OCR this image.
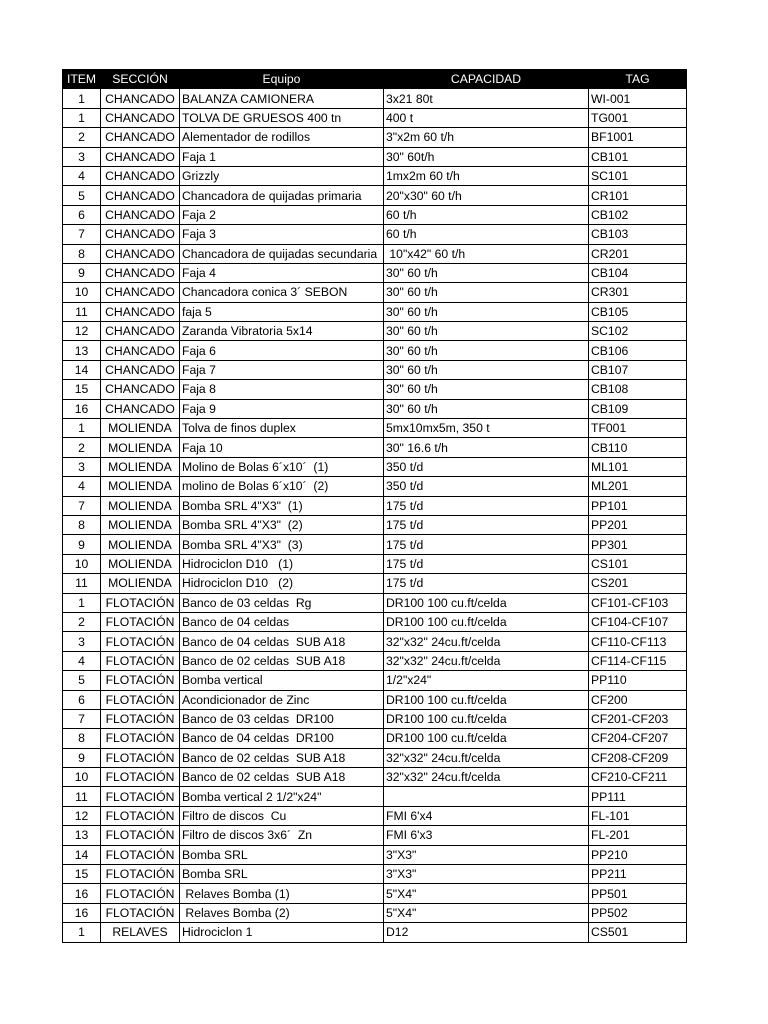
ITEM	SECCIÓN	Equipo	CAPACIDAD	TAG
1	CHANCADO	BALANZA CAMIONERA	3x21 80t	WI-001
1	CHANCADO	TOLVA DE GRUESOS 400 tn	400 t	TG001
2	CHANCADO	Alementador de rodillos	3"x2m 60 t/h	BF1001
3	CHANCADO	Faja 1	30" 60t/h	CB101
4	CHANCADO	Grizzly	1mx2m 60 t/h	SC101
5	CHANCADO	Chancadora de quijadas primaria	20"x30" 60 t/h	CR101
6	CHANCADO	Faja 2	60 t/h	CB102
7	CHANCADO	Faja 3	60 t/h	CB103
8	CHANCADO	Chancadora de quijadas secundaria	10"x42" 60 t/h	CR201
9	CHANCADO	Faja 4	30" 60 t/h	CB104
10	CHANCADO	Chancadora conica 3´ SEBON	30" 60 t/h	CR301
11	CHANCADO	faja 5	30" 60 t/h	CB105
12	CHANCADO	Zaranda Vibratoria 5x14	30" 60 t/h	SC102
13	CHANCADO	Faja 6	30" 60 t/h	CB106
14	CHANCADO	Faja 7	30" 60 t/h	CB107
15	CHANCADO	Faja 8	30" 60 t/h	CB108
16	CHANCADO	Faja 9	30" 60 t/h	CB109
1	MOLIENDA	Tolva de finos duplex	5mx10mx5m, 350 t	TF001
2	MOLIENDA	Faja 10	30" 16.6 t/h	CB110
3	MOLIENDA	Molino de Bolas 6´x10´  (1)	350 t/d	ML101
4	MOLIENDA	molino de Bolas 6´x10´  (2)	350 t/d	ML201
7	MOLIENDA	Bomba SRL 4"X3"  (1)	175 t/d	PP101
8	MOLIENDA	Bomba SRL 4"X3"  (2)	175 t/d	PP201
9	MOLIENDA	Bomba SRL 4"X3"  (3)	175 t/d	PP301
10	MOLIENDA	Hidrociclon D10   (1)	175 t/d	CS101
11	MOLIENDA	Hidrociclon D10   (2)	175 t/d	CS201
1	FLOTACIÓN	Banco de 03 celdas  Rg	DR100 100 cu.ft/celda	CF101-CF103
2	FLOTACIÓN	Banco de 04 celdas	DR100 100 cu.ft/celda	CF104-CF107
3	FLOTACIÓN	Banco de 04 celdas  SUB A18	32"x32" 24cu.ft/celda	CF110-CF113
4	FLOTACIÓN	Banco de 02 celdas  SUB A18	32"x32" 24cu.ft/celda	CF114-CF115
5	FLOTACIÓN	Bomba vertical	1/2"x24"	PP110
6	FLOTACIÓN	Acondicionador de Zinc	DR100 100 cu.ft/celda	CF200
7	FLOTACIÓN	Banco de 03 celdas  DR100	DR100 100 cu.ft/celda	CF201-CF203
8	FLOTACIÓN	Banco de 04 celdas  DR100	DR100 100 cu.ft/celda	CF204-CF207
9	FLOTACIÓN	Banco de 02 celdas  SUB A18	32"x32" 24cu.ft/celda	CF208-CF209
10	FLOTACIÓN	Banco de 02 celdas  SUB A18	32"x32" 24cu.ft/celda	CF210-CF211
11	FLOTACIÓN	Bomba vertical 2 1/2"x24"		PP111
12	FLOTACIÓN	Filtro de discos  Cu	FMI 6'x4	FL-101
13	FLOTACIÓN	Filtro de discos 3x6´  Zn	FMI 6'x3	FL-201
14	FLOTACIÓN	Bomba SRL	3"X3"	PP210
15	FLOTACIÓN	Bomba SRL	3"X3"	PP211
16	FLOTACIÓN	Relaves Bomba (1)	5"X4"	PP501
16	FLOTACIÓN	Relaves Bomba (2)	5"X4"	PP502
1	RELAVES	Hidrociclon 1	D12	CS501
